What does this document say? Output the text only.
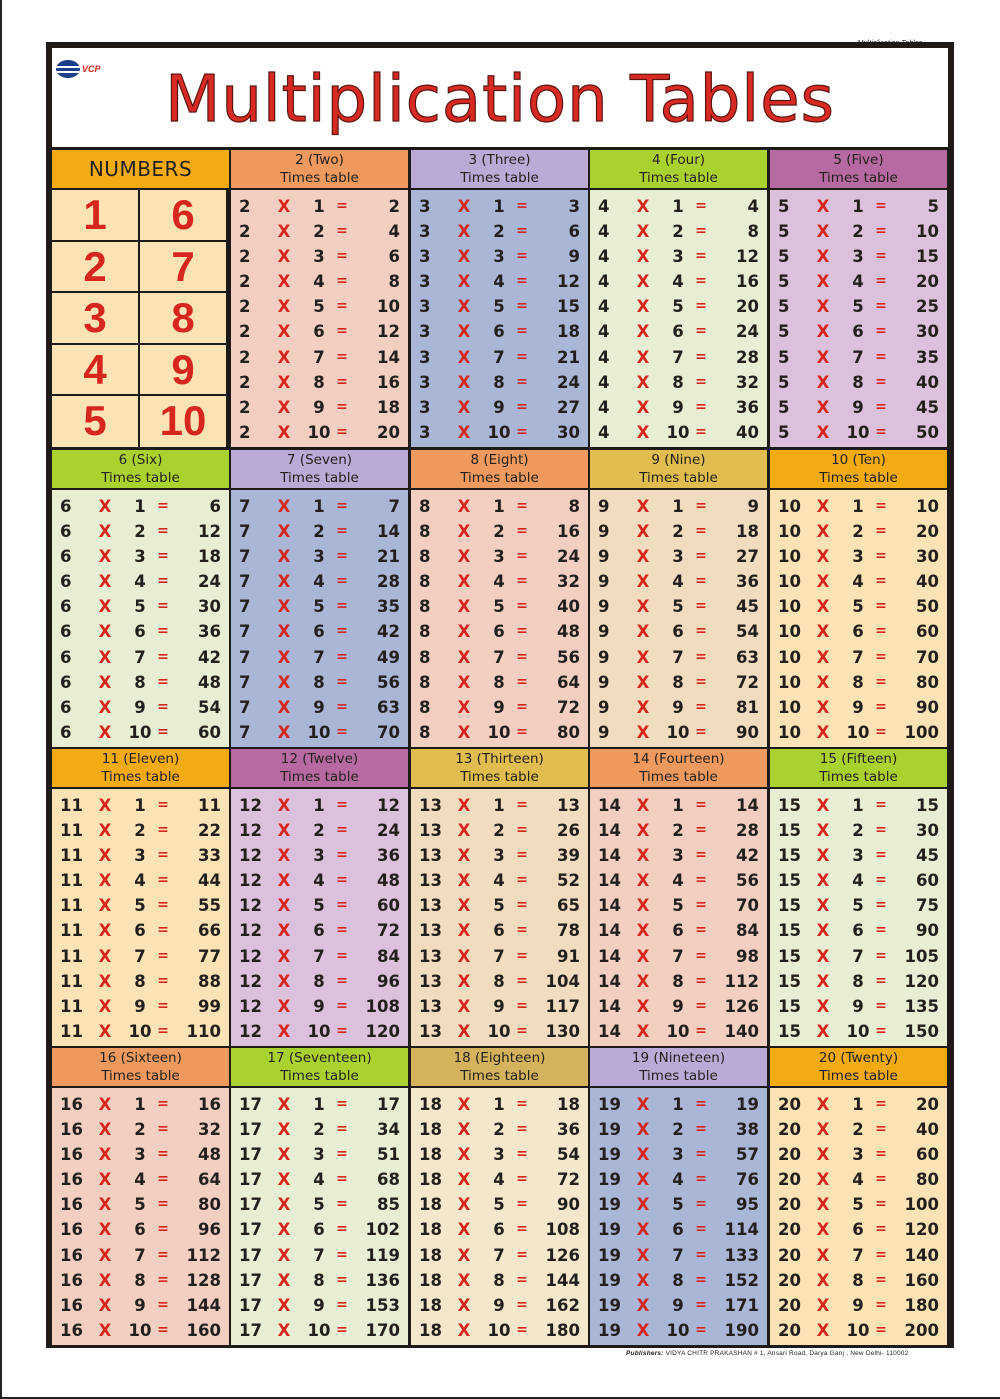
VCP	Multiplication Tables
NUMBERS
1	6
2	7
3	8
4	9
5	10
2 (Two)
Times table
2	X	1 =	2
2	X	2 =	4
2	X	3 =	6
2	X	4 =	8
2	X	5 =	10
2	X	6 =	12
2	X	7 =	14
2	X	8 =	16
2	X	9 =	18
2	X 10 =	20
3 (Three)
Times table
3	X	1 =	3
3	X	2 =	6
3	X	3 =	9
3	X	4 =	12
3	X	5 =	15
3	X	6 =	18
3	X	7 =	21
3	X	8 =	24
3	X	9 =	27
3	X 10 =	30
4 (Four)
Times table
4	X	1 =	4
4	X	2 =	8
4	X	3 =	12
4	X	4 =	16
4	X	5 =	20
4	X	6 =	24
4	X	7 =	28
4	X	8 =	32
4	X	9 =	36
4	X 10 =	40
5 (Five)
Times table
5	X	1 =	5
5	X	2 =	10
5	X	3 =	15
5	X	4 =	20
5	X	5 =	25
5	X	6 =	30
5	X	7 =	35
5	X	8 =	40
5	X	9 =	45
5	X 10 =	50
6 (Six)
Times table
6	X	1 =	6
6	X	2 =	12
6	X	3 =	18
6	X	4 =	24
6	X	5 =	30
6	X	6 =	36
6	X	7 =	42
6	X	8 =	48
6	X	9 =	54
6	X 10 =	60
7 (Seven)
Times table
7	X	1 =	7
7	X	2 =	14
7	X	3 =	21
7	X	4 =	28
7	X	5 =	35
7	X	6 =	42
7	X	7 =	49
7	X	8 =	56
7	X	9 =	63
7	X 10 =	70
8 (Eight)
Times table
8	X	1 =	8
8	X	2 =	16
8	X	3 =	24
8	X	4 =	32
8	X	5 =	40
8	X	6 =	48
8	X	7 =	56
8	X	8 =	64
8	X	9 =	72
8	X 10 =	80
9 (Nine)
Times table
9	X	1 =	9
9	X	2 =	18
9	X	3 =	27
9	X	4 =	36
9	X	5 =	45
9	X	6 =	54
9	X	7 =	63
9	X	8 =	72
9	X	9 =	81
9	X 10 =	90
10 (Ten)
Times table
10 X	1 =	10
10 X	2 =	20
10 X	3 =	30
10 X	4 =	40
10 X	5 =	50
10 X	6 =	60
10 X	7 =	70
10 X	8 =	80
10 X	9 =	90
10 X 10 =	100
11 (Eleven)
Times table
11 X	1 =	11
11 X	2 =	22
11 X	3 =	33
11 X	4 =	44
11 X	5 =	55
11 X	6 =	66
11 X	7 =	77
11 X	8 =	88
11 X	9 =	99
11 X 10 =	110
12 (Twelve)
Times table
12 X	1 =	12
12 X	2 =	24
12 X	3 =	36
12 X	4 =	48
12 X	5 =	60
12 X	6 =	72
12 X	7 =	84
12 X	8 =	96
12 X	9 =	108
12 X 10 =	120
13 (Thirteen)
Times table
13 X	1 =	13
13 X	2 =	26
13 X	3 =	39
13 X	4 =	52
13 X	5 =	65
13 X	6 =	78
13 X	7 =	91
13 X	8 =	104
13 X	9 =	117
13 X 10 =	130
14 (Fourteen)
Times table
14 X	1 =	14
14 X	2 =	28
14 X	3 =	42
14 X	4 =	56
14 X	5 =	70
14 X	6 =	84
14 X	7 =	98
14 X	8 =	112
14 X	9 =	126
14 X 10 =	140
15 (Fifteen)
Times table
15 X	1 =	15
15 X	2 =	30
15 X	3 =	45
15 X	4 =	60
15 X	5 =	75
15 X	6 =	90
15 X	7 =	105
15 X	8 =	120
15 X	9 =	135
15 X 10 =	150
16 (Sixteen)
Times table
16 X	1 =	16
16 X	2 =	32
16 X	3 =	48
16 X	4 =	64
16 X	5 =	80
16 X	6 =	96
16 X	7 =	112
16 X	8 =	128
16 X	9 =	144
16 X 10 =	160
17 (Seventeen)
Times table
17 X	1 =	17
17 X	2 =	34
17 X	3 =	51
17 X	4 =	68
17 X	5 =	85
17 X	6 =	102
17 X	7 =	119
17 X	8 =	136
17 X	9 =	153
17 X 10 =	170
18 (Eighteen)
Times table
18 X	1 =	18
18 X	2 =	36
18 X	3 =	54
18 X	4 =	72
18 X	5 =	90
18 X	6 =	108
18 X	7 =	126
18 X	8 =	144
18 X	9 =	162
18 X 10 =	180
19 (Nineteen)
Times table
19 X	1 =	19
19 X	2 =	38
19 X	3 =	57
19 X	4 =	76
19 X	5 =	95
19 X	6 =	114
19 X	7 =	133
19 X	8 =	152
19 X	9 =	171
19 X 10 =	190
20 (Twenty)
Times table
20 X	1 =	20
20 X	2 =	40
20 X	3 =	60
20 X	4 =	80
20 X	5 =	100
20 X	6 =	120
20 X	7 =	140
20 X	8 =	160
20 X	9 =	180
20 X 10 =	200
Publishers: VIDYA CHITR PRAKASHAN # 1, Ansari Road, Darya Ganj , New Delhi- 110002
